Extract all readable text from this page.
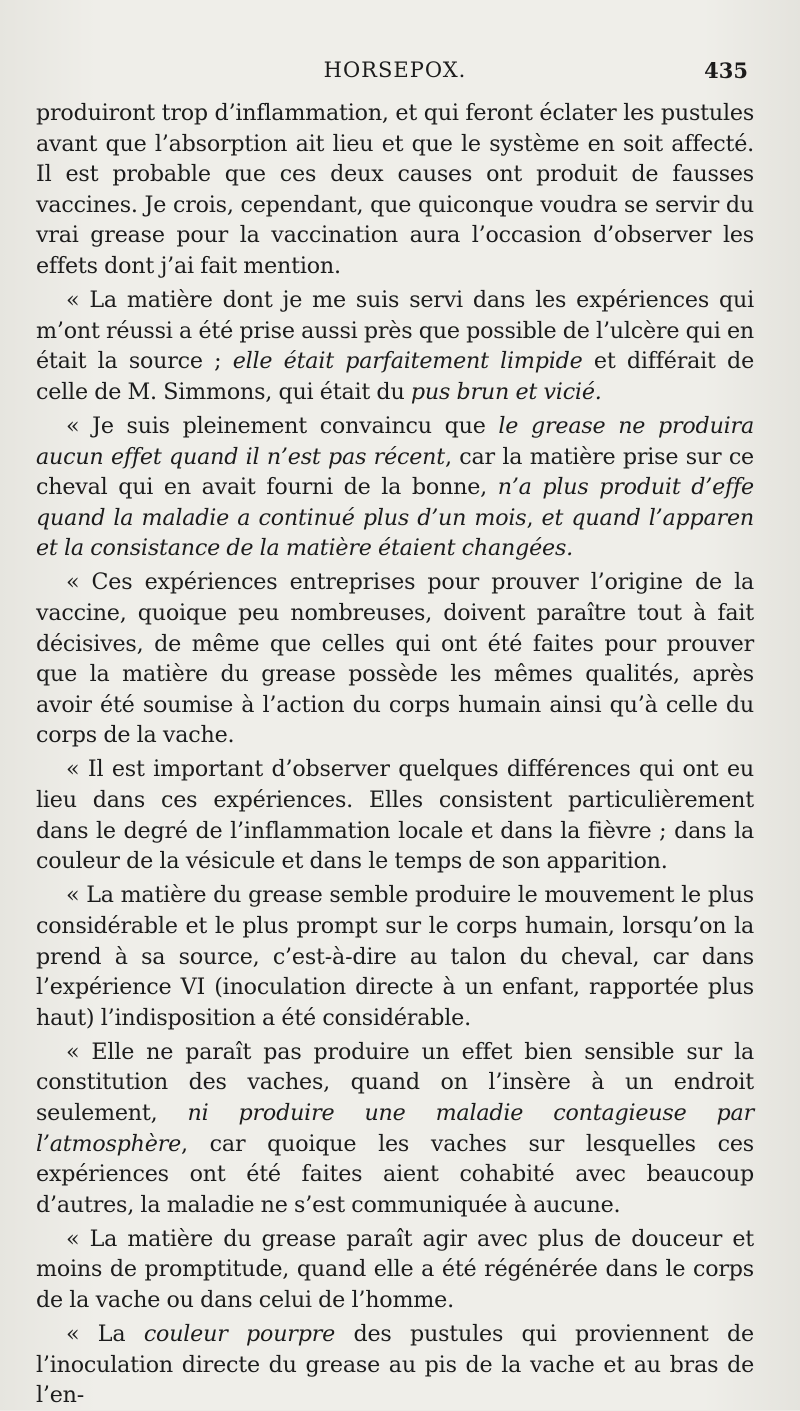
HORSEPOX.	435

produiront trop d’inflammation, et qui feront éclater les pustules avant que l’absorption ait lieu et que le système en soit affecté. Il est probable que ces deux causes ont produit de fausses vaccines. Je crois, cependant, que quiconque voudra se servir du vrai grease pour la vaccination aura l’occasion d’observer les effets dont j’ai fait mention.

« La matière dont je me suis servi dans les expériences qui m’ont réussi a été prise aussi près que possible de l’ulcère qui en était la source ; elle était parfaitement limpide et différait de celle de M. Simmons, qui était du pus brun et vicié.

« Je suis pleinement convaincu que le grease ne produira aucun effet quand il n’est pas récent, car la matière prise sur ce cheval qui en avait fourni de la bonne, n’a plus produit d’effe quand la maladie a continué plus d’un mois, et quand l’apparen et la consistance de la matière étaient changées.

« Ces expériences entreprises pour prouver l’origine de la vaccine, quoique peu nombreuses, doivent paraître tout à fait décisives, de même que celles qui ont été faites pour prouver que la matière du grease possède les mêmes qualités, après avoir été soumise à l’action du corps humain ainsi qu’à celle du corps de la vache.

« Il est important d’observer quelques différences qui ont eu lieu dans ces expériences. Elles consistent particulièrement dans le degré de l’inflammation locale et dans la fièvre ; dans la couleur de la vésicule et dans le temps de son apparition.

« La matière du grease semble produire le mouvement le plus considérable et le plus prompt sur le corps humain, lorsqu’on la prend à sa source, c’est-à-dire au talon du cheval, car dans l’expérience VI (inoculation directe à un enfant, rapportée plus haut) l’indisposition a été considérable.

« Elle ne paraît pas produire un effet bien sensible sur la constitution des vaches, quand on l’insère à un endroit seulement, ni produire une maladie contagieuse par l’atmosphère, car quoique les vaches sur lesquelles ces expériences ont été faites aient cohabité avec beaucoup d’autres, la maladie ne s’est communiquée à aucune.

« La matière du grease paraît agir avec plus de douceur et moins de promptitude, quand elle a été régénérée dans le corps de la vache ou dans celui de l’homme.

« La couleur pourpre des pustules qui proviennent de l’inoculation directe du grease au pis de la vache et au bras de l’en-
